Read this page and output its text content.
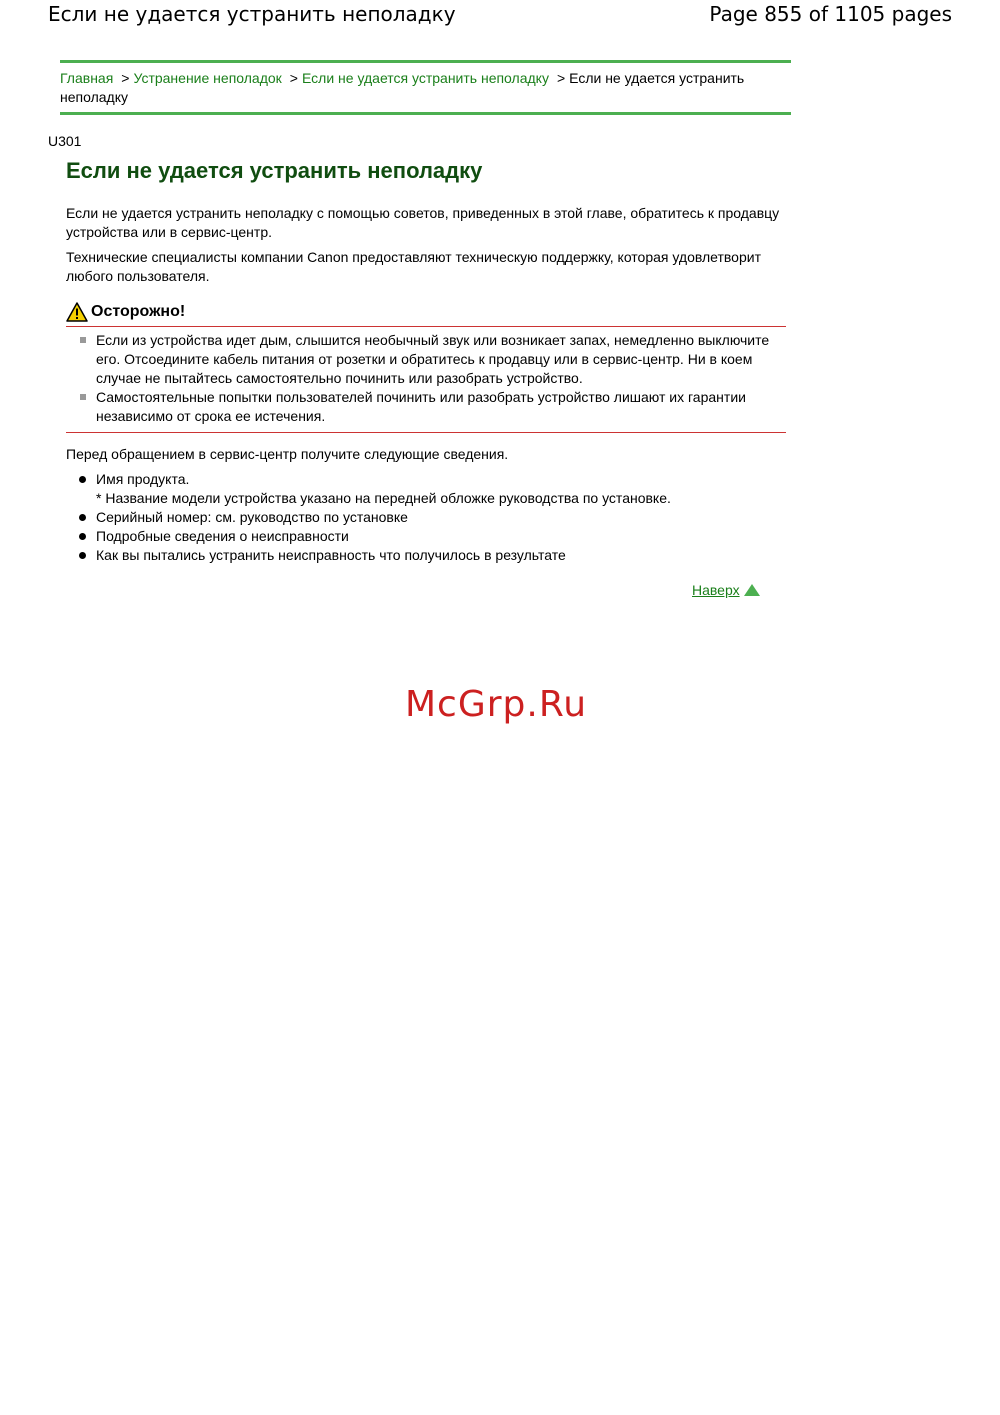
Если не удается устранить неполадку	Page 855 of 1105 pages
Главная > Устранение неполадок > Если не удается устранить неполадку > Если не удается устранить неполадку
U301
Если не удается устранить неполадку

Если не удается устранить неполадку с помощью советов, приведенных в этой главе, обратитесь к продавцу устройства или в сервис-центр.

Технические специалисты компании Canon предоставляют техническую поддержку, которая удовлетворит любого пользователя.

Осторожно!
Если из устройства идет дым, слышится необычный звук или возникает запах, немедленно выключите его. Отсоедините кабель питания от розетки и обратитесь к продавцу или в сервис-центр. Ни в коем случае не пытайтесь самостоятельно починить или разобрать устройство.
Самостоятельные попытки пользователей починить или разобрать устройство лишают их гарантии независимо от срока ее истечения.

Перед обращением в сервис-центр получите следующие сведения.

Имя продукта.
* Название модели устройства указано на передней обложке руководства по установке.
Серийный номер: см. руководство по установке
Подробные сведения о неисправности
Как вы пытались устранить неисправность что получилось в результате
Наверх
McGrp.Ru
